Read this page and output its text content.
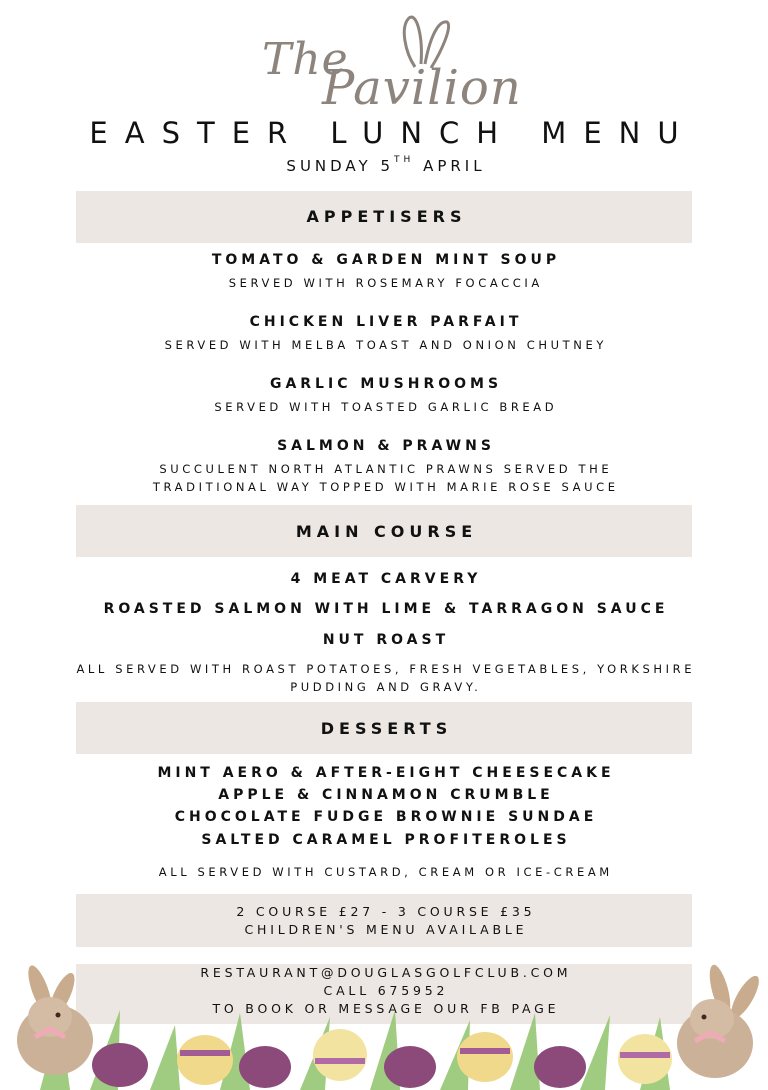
The
Pavilion
EASTER LUNCH MENU
SUNDAY 5TH APRIL
APPETISERS
TOMATO & GARDEN MINT SOUP
SERVED WITH ROSEMARY FOCACCIA
CHICKEN LIVER PARFAIT
SERVED WITH MELBA TOAST AND ONION CHUTNEY
GARLIC MUSHROOMS
SERVED WITH TOASTED GARLIC BREAD
SALMON & PRAWNS
SUCCULENT NORTH ATLANTIC PRAWNS SERVED THE
TRADITIONAL WAY TOPPED WITH MARIE ROSE SAUCE
MAIN COURSE
4 MEAT CARVERY
ROASTED SALMON WITH LIME & TARRAGON SAUCE
NUT ROAST
ALL SERVED WITH ROAST POTATOES, FRESH VEGETABLES, YORKSHIRE
PUDDING AND GRAVY.
DESSERTS
MINT AERO & AFTER-EIGHT CHEESECAKE
APPLE & CINNAMON CRUMBLE
CHOCOLATE FUDGE BROWNIE SUNDAE
SALTED CARAMEL PROFITEROLES
ALL SERVED WITH CUSTARD, CREAM OR ICE-CREAM
2 COURSE £27 - 3 COURSE £35
CHILDREN'S MENU AVAILABLE
RESTAURANT@DOUGLASGOLFCLUB.COM
CALL 675952
TO BOOK OR MESSAGE OUR FB PAGE
